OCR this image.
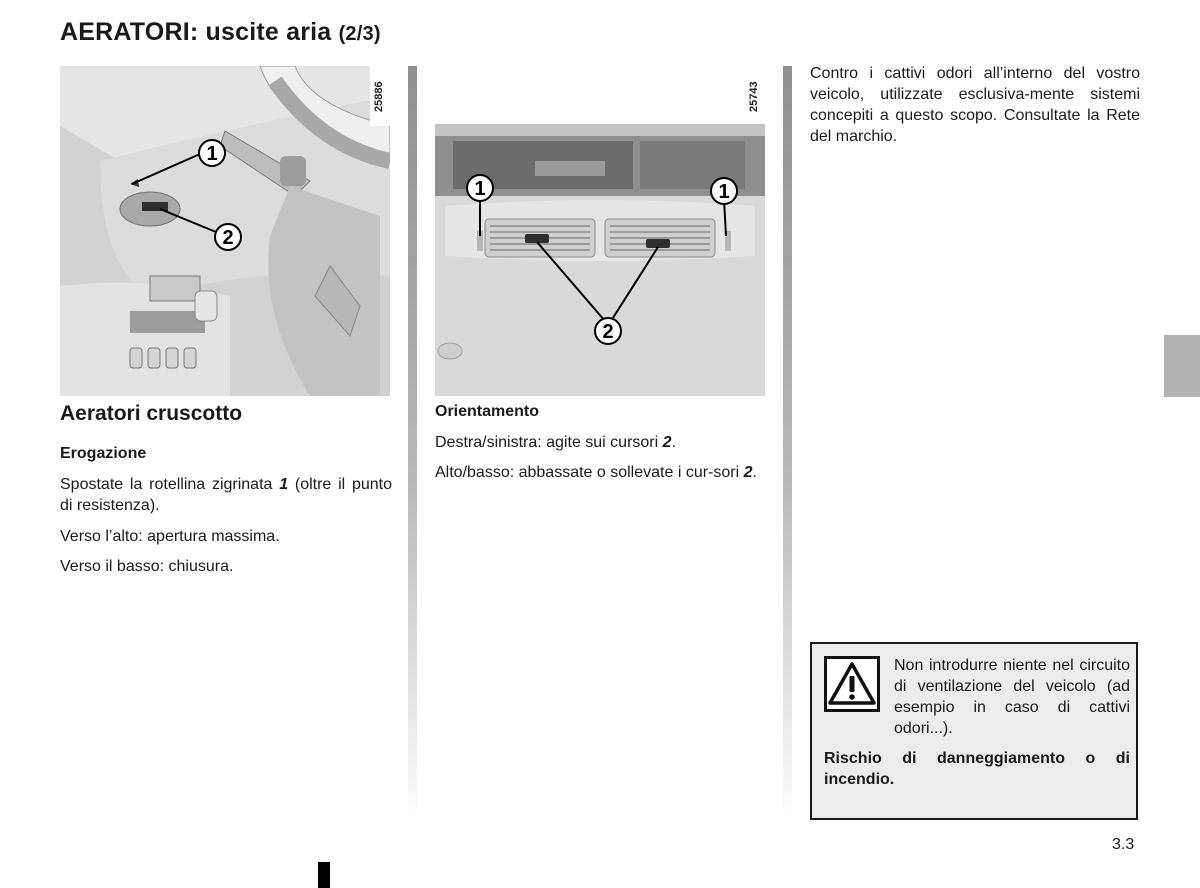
AERATORI: uscite aria (2/3)
1
2
25886
1	1
2
25743
Aeratori cruscotto
Erogazione
Spostate la rotellina zigrinata 1 (oltre il punto di resistenza).
Verso l’alto: apertura massima.
Verso il basso: chiusura.
Orientamento
Destra/sinistra: agite sui cursori 2.
Alto/basso: abbassate o sollevate i cur-sori 2.
Contro i cattivi odori all’interno del vostro veicolo, utilizzate esclusiva-mente sistemi concepiti a questo scopo. Consultate la Rete del marchio.
Non introdurre niente nel circuito di ventilazione del veicolo (ad esempio in caso di cattivi odori...).
Rischio di danneggiamento o di incendio.
3.3
